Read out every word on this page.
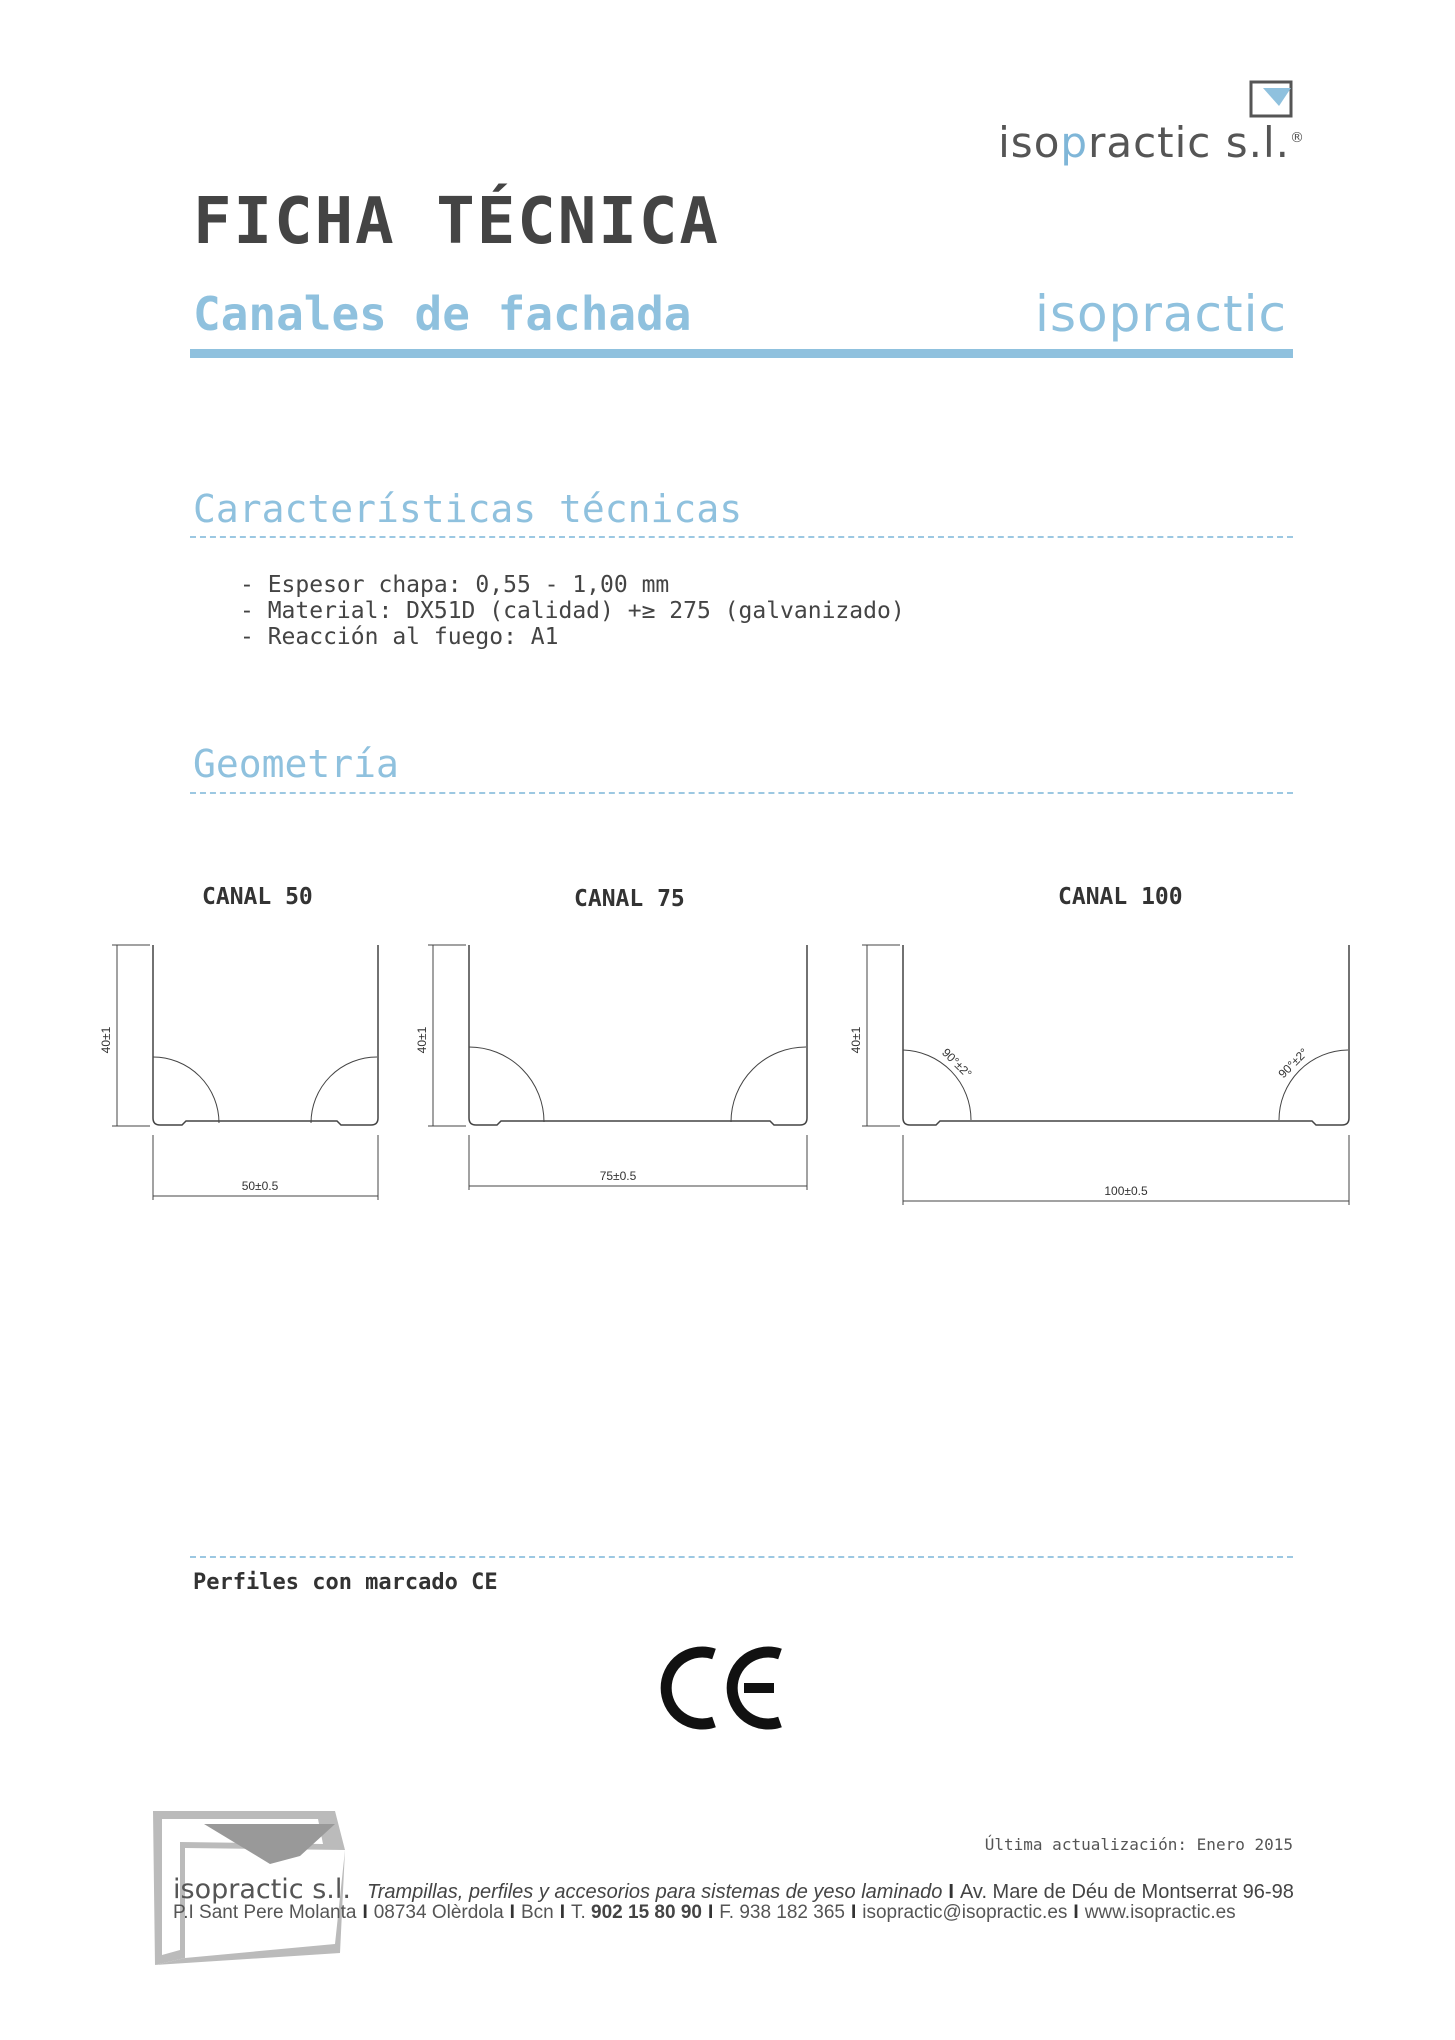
isopractic s.l.®
FICHA TÉCNICA
Canales de fachada	isopractic
Características técnicas
- Espesor chapa: 0,55 - 1,00 mm
- Material: DX51D (calidad) +≥ 275 (galvanizado)
- Reacción al fuego: A1
Geometría
CANAL 50	CANAL 75	CANAL 100
40±1	40±1	40±1
50±0.5
75±0.5
100±0.5
90°±2°	90°±2°
Perfiles con marcado CE
Última actualización: Enero 2015
isopractic s.l. Trampillas, perfiles y accesorios para sistemas de yeso laminado I Av. Mare de Déu de Montserrat 96-98
P.I Sant Pere Molanta I 08734 Olèrdola I Bcn I T. 902 15 80 90 I F. 938 182 365 I isopractic@isopractic.es I www.isopractic.es
